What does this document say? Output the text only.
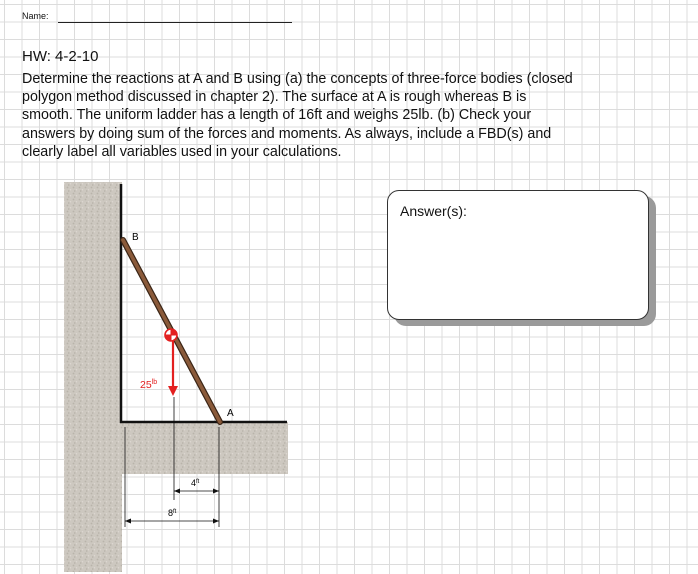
Name:
HW: 4-2-10
Determine the reactions at A and B using (a) the concepts of three-force bodies (closed
polygon method discussed in chapter 2). The surface at A is rough whereas B is
smooth. The uniform ladder has a length of 16ft and weighs 25lb. (b) Check your
answers by doing sum of the forces and moments. As always, include a FBD(s) and
clearly label all variables used in your calculations.
Answer(s):
$25^{lb}$
B
A
$4^{ft}$
$8^{ft}$
